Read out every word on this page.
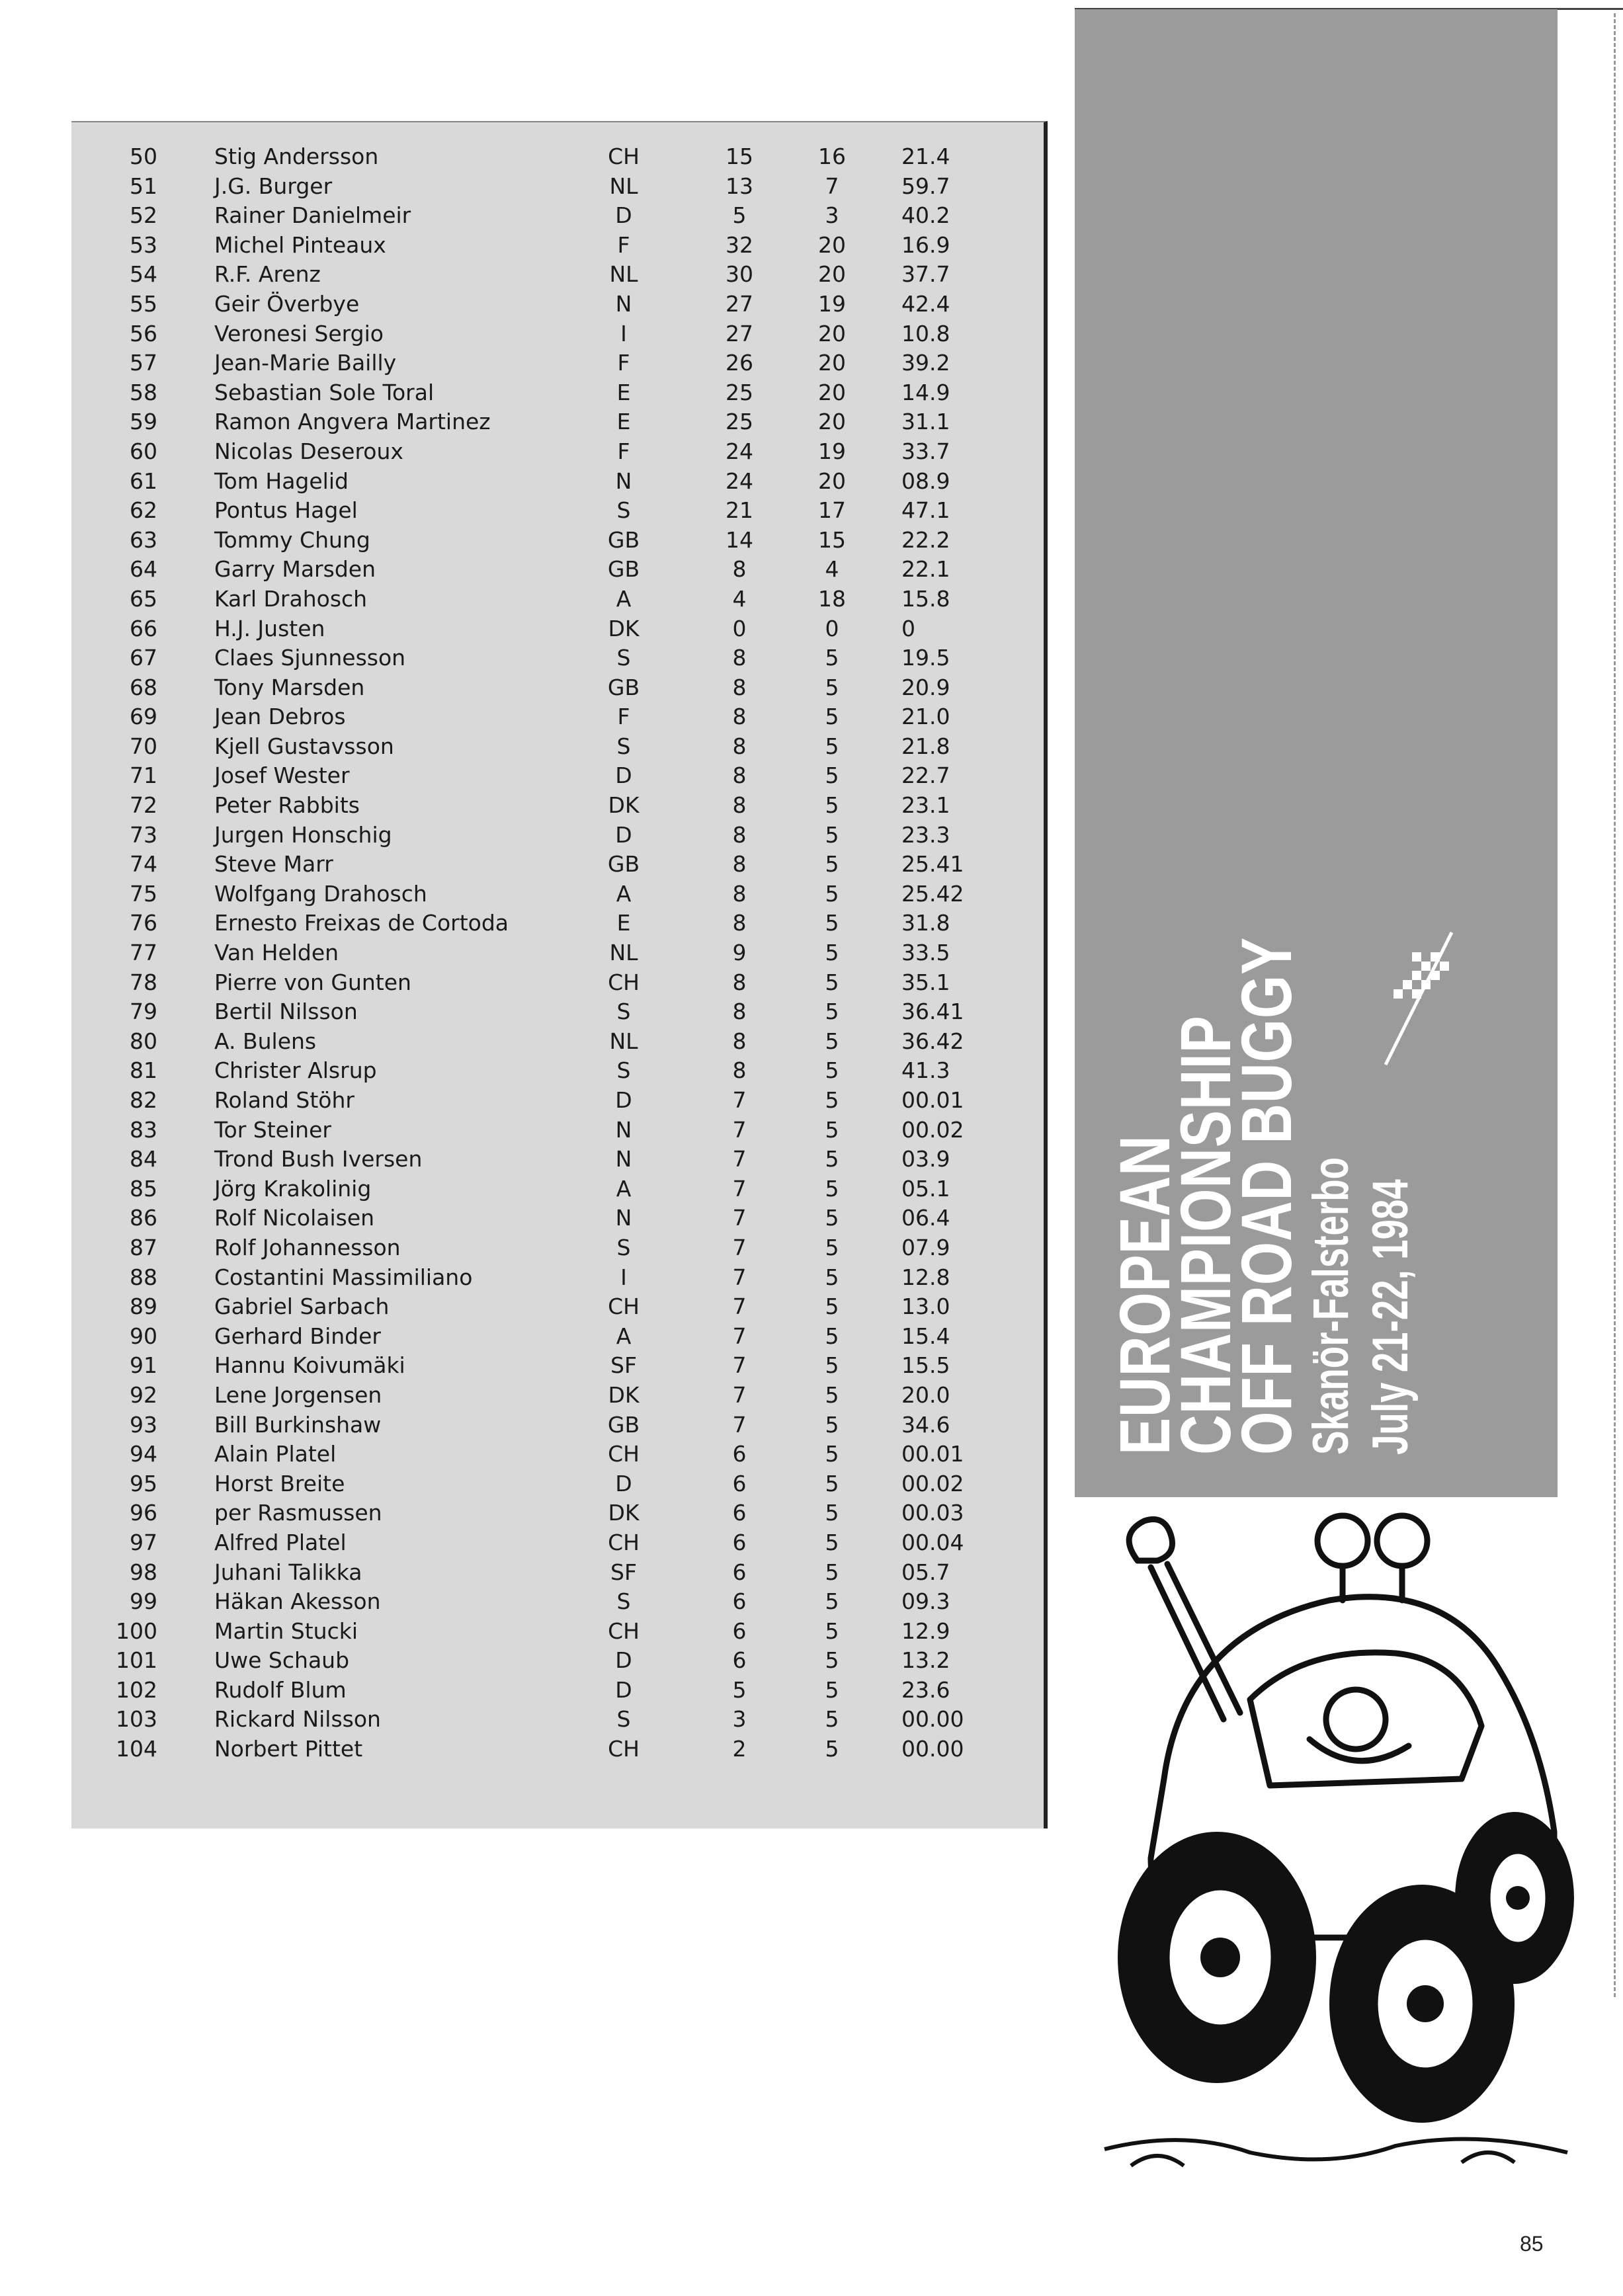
50	Stig Andersson	CH	15	16	21.4
51	J.G. Burger	NL	13	7	59.7
52	Rainer Danielmeir	D	5	3	40.2
53	Michel Pinteaux	F	32	20	16.9
54	R.F. Arenz	NL	30	20	37.7
55	Geir Överbye	N	27	19	42.4
56	Veronesi Sergio	I	27	20	10.8
57	Jean-Marie Bailly	F	26	20	39.2
58	Sebastian Sole Toral	E	25	20	14.9
59	Ramon Angvera Martinez	E	25	20	31.1
60	Nicolas Deseroux	F	24	19	33.7
61	Tom Hagelid	N	24	20	08.9
62	Pontus Hagel	S	21	17	47.1
63	Tommy Chung	GB	14	15	22.2
64	Garry Marsden	GB	8	4	22.1
65	Karl Drahosch	A	4	18	15.8
66	H.J. Justen	DK	0	0	0
67	Claes Sjunnesson	S	8	5	19.5
68	Tony Marsden	GB	8	5	20.9
69	Jean Debros	F	8	5	21.0
70	Kjell Gustavsson	S	8	5	21.8
71	Josef Wester	D	8	5	22.7
72	Peter Rabbits	DK	8	5	23.1
73	Jurgen Honschig	D	8	5	23.3
74	Steve Marr	GB	8	5	25.41
75	Wolfgang Drahosch	A	8	5	25.42
76	Ernesto Freixas de Cortoda	E	8	5	31.8
77	Van Helden	NL	9	5	33.5
78	Pierre von Gunten	CH	8	5	35.1
79	Bertil Nilsson	S	8	5	36.41
80	A. Bulens	NL	8	5	36.42
81	Christer Alsrup	S	8	5	41.3
82	Roland Stöhr	D	7	5	00.01
83	Tor Steiner	N	7	5	00.02
84	Trond Bush Iversen	N	7	5	03.9
85	Jörg Krakolinig	A	7	5	05.1
86	Rolf Nicolaisen	N	7	5	06.4
87	Rolf Johannesson	S	7	5	07.9
88	Costantini Massimiliano	I	7	5	12.8
89	Gabriel Sarbach	CH	7	5	13.0
90	Gerhard Binder	A	7	5	15.4
91	Hannu Koivumäki	SF	7	5	15.5
92	Lene Jorgensen	DK	7	5	20.0
93	Bill Burkinshaw	GB	7	5	34.6
94	Alain Platel	CH	6	5	00.01
95	Horst Breite	D	6	5	00.02
96	per Rasmussen	DK	6	5	00.03
97	Alfred Platel	CH	6	5	00.04
98	Juhani Talikka	SF	6	5	05.7
99	Häkan Akesson	S	6	5	09.3
100	Martin Stucki	CH	6	5	12.9
101	Uwe Schaub	D	6	5	13.2
102	Rudolf Blum	D	5	5	23.6
103	Rickard Nilsson	S	3	5	00.00
104	Norbert Pittet	CH	2	5	00.00
EUROPEAN
CHAMPIONSHIP
OFF ROAD BUGGY
Skanör-Falsterbo July 21-22, 1984
85
